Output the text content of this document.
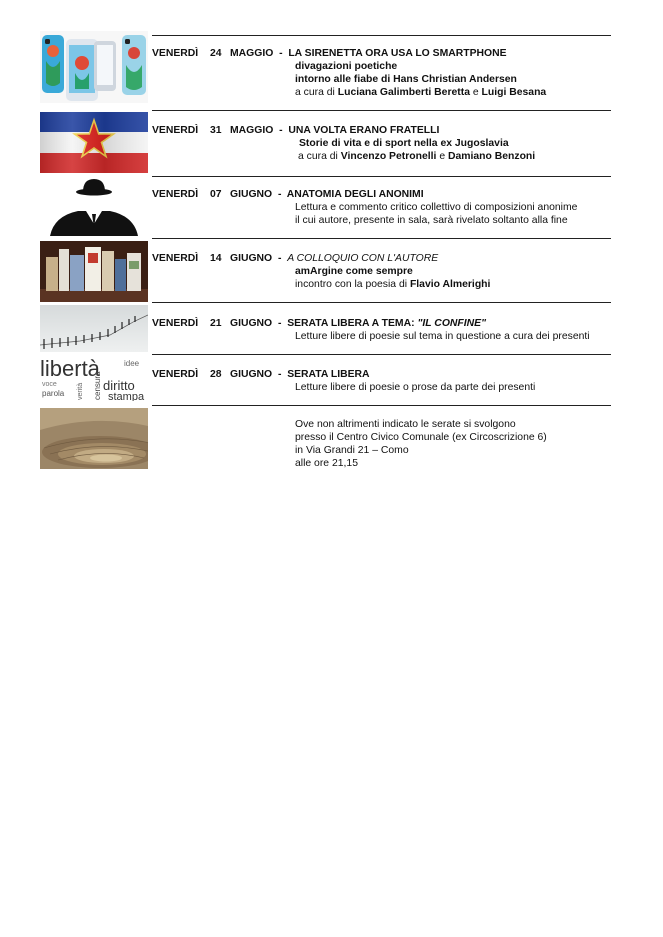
libertà
censura
verità diritto
stampa
voce
parola
idee
VENERDÌ 24 MAGGIO - LA SIRENETTA ORA USA LO SMARTPHONE
divagazioni poetiche
intorno alle fiabe di Hans Christian Andersen
a cura di Luciana Galimberti Beretta e Luigi Besana
VENERDÌ 31 MAGGIO - UNA VOLTA ERANO FRATELLI
Storie di vita e di sport nella ex Jugoslavia
a cura di Vincenzo Petronelli e Damiano Benzoni
VENERDÌ 07 GIUGNO - ANATOMIA DEGLI ANONIMI
Lettura e commento critico collettivo di composizioni anonime
il cui autore, presente in sala, sarà rivelato soltanto alla fine
VENERDÌ 14 GIUGNO - A COLLOQUIO CON L'AUTORE
amArgine come sempre
incontro con la poesia di Flavio Almerighi
VENERDÌ 21 GIUGNO - SERATA LIBERA A TEMA: "IL CONFINE"
Letture libere di poesie sul tema in questione a cura dei presenti
VENERDÌ 28 GIUGNO - SERATA LIBERA
Letture libere di poesie o prose da parte dei presenti
Ove non altrimenti indicato le serate si svolgono
presso il Centro Civico Comunale (ex Circoscrizione 6)
in Via Grandi 21 – Como
alle ore 21,15
